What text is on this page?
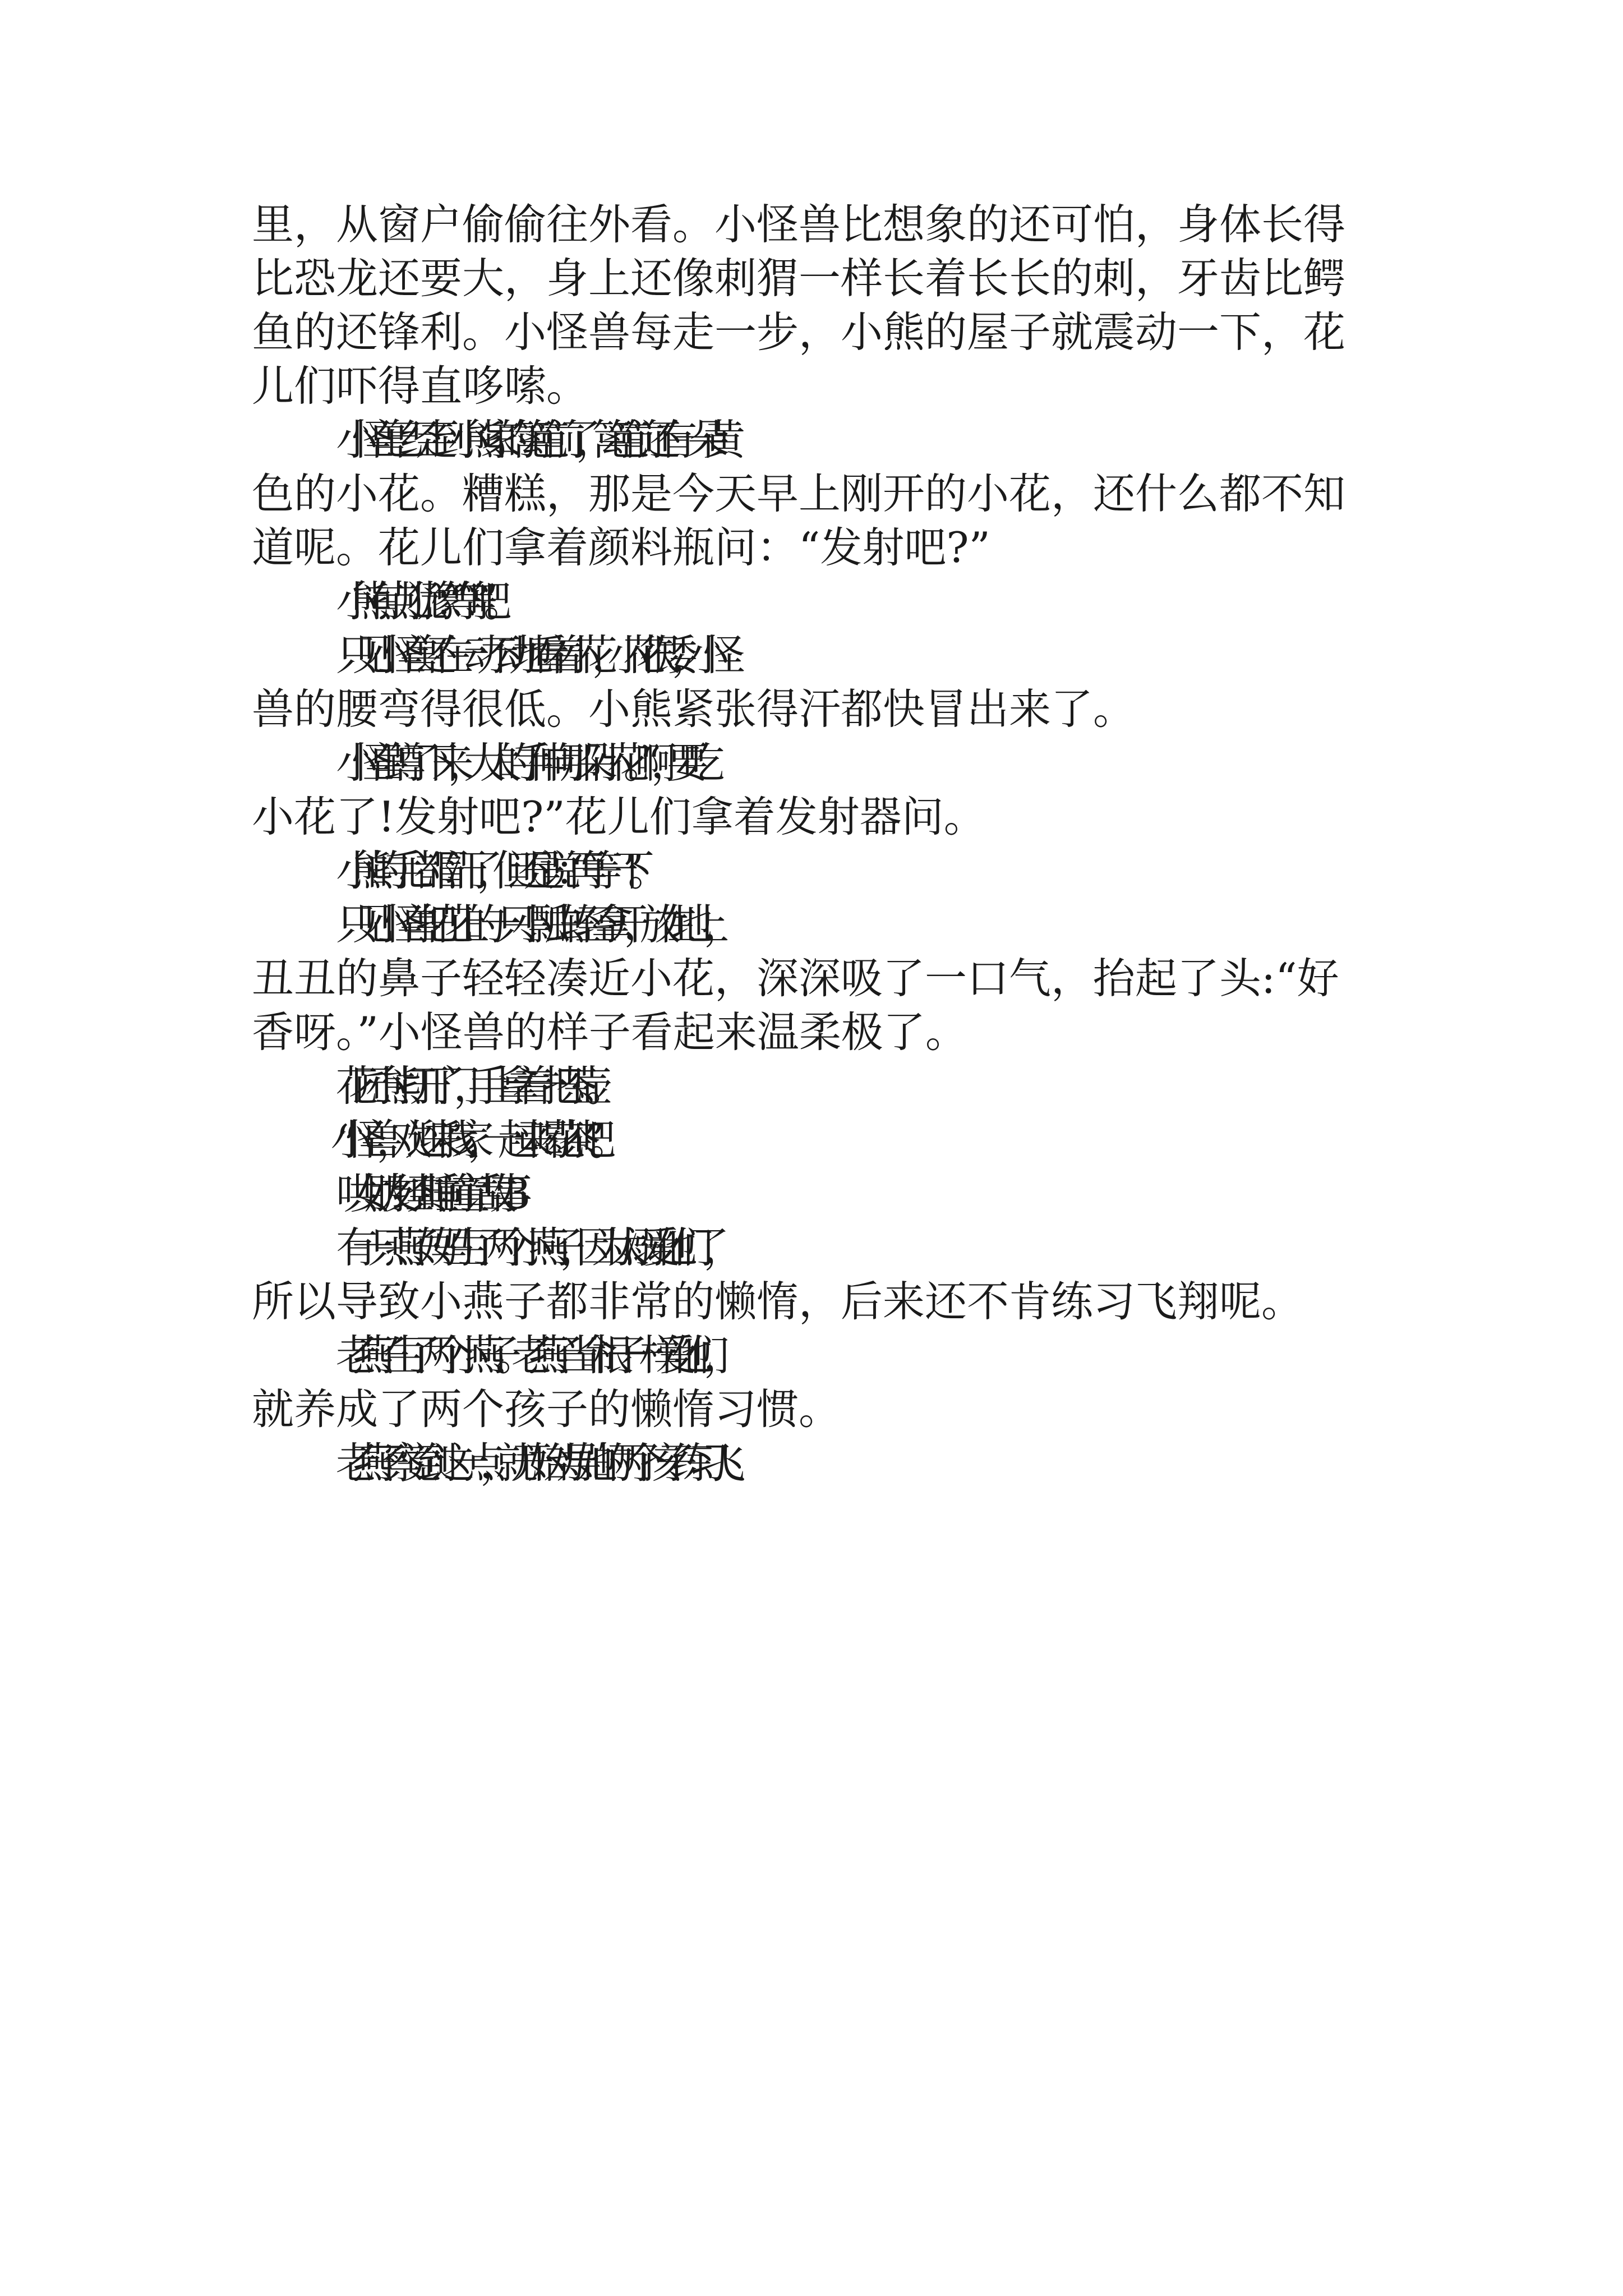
里，从窗户偷偷往外看。小怪兽比想象的还可怕，身体长得
比恐龙还要大，身上还像刺猬一样长着长长的刺，牙齿比鳄
鱼的还锋利。小怪兽每走一步，小熊的屋子就震动一下，花
儿们吓得直哆嗦。
小怪兽已经走到小熊家的篱笆前了，篱笆前还有一朵黄
色的小花。糟糕，那是今天早上刚开的小花，还什么都不知
道呢。花儿们拿着颜料瓶问：“发射吧?”
小熊有点儿犹豫：“等等吧。”
只见小怪兽还在一动不动地看着小花，小花很矮，小怪
兽的腰弯得很低。小熊紧张得汗都快冒出来了。
小怪兽蹲了下来，大大的手伸向那朵小花。“啊，要吃
小花了!发射吧?”花儿们拿着发射器问。
小熊的手心都冒汗了，但还是说：“再等一下。”
只见小怪兽把花上的一只小瓢虫轻轻拿开，放在地上，
丑丑的鼻子轻轻凑近小花，深深吸了一口气，抬起了头:“好
香呀。”小怪兽的样子看起来温柔极了。
花匠小熊打开了门，手上拿着一把茶壶。
“小怪兽，欢迎来我家，一起来喝花茶吧。”
哄女朋友经典睡前童话故事3
有一只燕子妈妈生了两个小燕子，因为太溺爱他们了，
所以导致小燕子都非常的懒惰，后来还不肯练习飞翔呢。
老燕子生了两个小燕子。老燕子当命根子一样爱他们，
就养成了两个孩子的懒惰习惯。
老燕子察觉到这一点，就开始劝导她的两个孩子练习飞
